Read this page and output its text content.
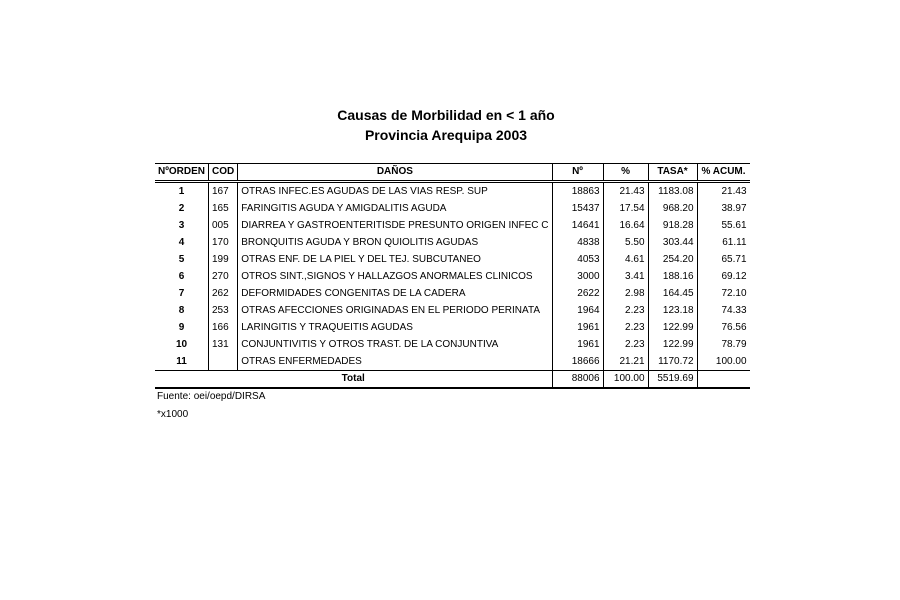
Causas de Morbilidad en < 1 año
Provincia Arequipa 2003
NºORDEN	COD	DAÑOS	Nº	%	TASA*	% ACUM.
1	167	OTRAS INFEC.ES AGUDAS DE LAS VIAS RESP. SUP	18863	21.43	1183.08	21.43
2	165	FARINGITIS AGUDA Y AMIGDALITIS AGUDA	15437	17.54	968.20	38.97
3	005	DIARREA Y GASTROENTERITISDE PRESUNTO ORIGEN INFEC C	14641	16.64	918.28	55.61
4	170	BRONQUITIS AGUDA Y BRON QUIOLITIS AGUDAS	4838	5.50	303.44	61.11
5	199	OTRAS ENF. DE LA PIEL Y DEL TEJ. SUBCUTANEO	4053	4.61	254.20	65.71
6	270	OTROS SINT.,SIGNOS Y HALLAZGOS ANORMALES CLINICOS	3000	3.41	188.16	69.12
7	262	DEFORMIDADES CONGENITAS DE LA CADERA	2622	2.98	164.45	72.10
8	253	OTRAS AFECCIONES ORIGINADAS EN EL PERIODO PERINATA	1964	2.23	123.18	74.33
9	166	LARINGITIS Y TRAQUEITIS AGUDAS	1961	2.23	122.99	76.56
10	131	CONJUNTIVITIS Y OTROS TRAST. DE LA CONJUNTIVA	1961	2.23	122.99	78.79
11		OTRAS ENFERMEDADES	18666	21.21	1170.72	100.00
Total			88006	100.00	5519.69	
Fuente: oei/oepd/DIRSA
*x1000
